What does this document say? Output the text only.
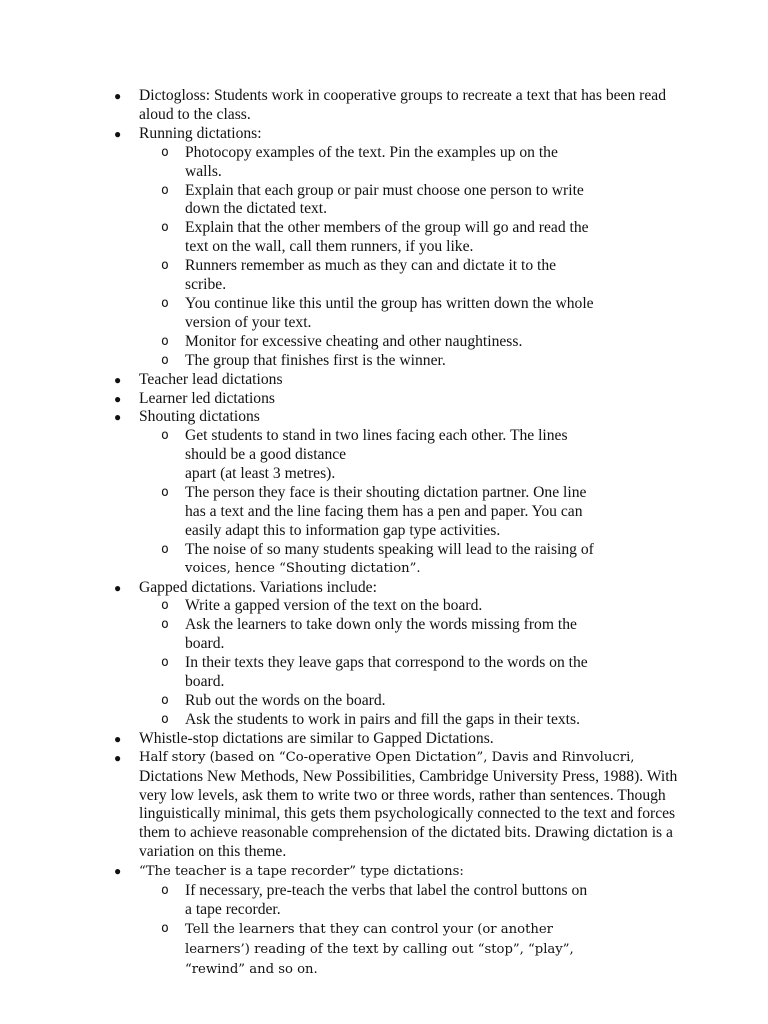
● Dictogloss: Students work in cooperative groups to recreate a text that has been read aloud to the class.
● Running dictations:
o Photocopy examples of the text. Pin the examples up on the walls.
o Explain that each group or pair must choose one person to write down the dictated text.
o Explain that the other members of the group will go and read the text on the wall, call them runners, if you like.
o Runners remember as much as they can and dictate it to the scribe.
o You continue like this until the group has written down the whole version of your text.
o Monitor for excessive cheating and other naughtiness.
o The group that finishes first is the winner.
● Teacher lead dictations
● Learner led dictations
● Shouting dictations
o Get students to stand in two lines facing each other. The lines should be a good distance
apart (at least 3 metres).
o The person they face is their shouting dictation partner. One line has a text and the line facing them has a pen and paper. You can easily adapt this to information gap type activities.
o The noise of so many students speaking will lead to the raising of
voices, hence “Shouting dictation”.
● Gapped dictations. Variations include:
o Write a gapped version of the text on the board.
o Ask the learners to take down only the words missing from the board.
o In their texts they leave gaps that correspond to the words on the board.
o Rub out the words on the board.
o Ask the students to work in pairs and fill the gaps in their texts.
● Whistle-stop dictations are similar to Gapped Dictations.
● Half story (based on “Co-operative Open Dictation”, Davis and Rinvolucri,
Dictations New Methods, New Possibilities, Cambridge University Press, 1988). With very low levels, ask them to write two or three words, rather than sentences. Though linguistically minimal, this gets them psychologically connected to the text and forces them to achieve reasonable comprehension of the dictated bits. Drawing dictation is a variation on this theme.
● “The teacher is a tape recorder” type dictations:
o If necessary, pre-teach the verbs that label the control buttons on a tape recorder.
o Tell the learners that they can control your (or another learners’) reading of the text by calling out “stop”, “play”, “rewind” and so on.
